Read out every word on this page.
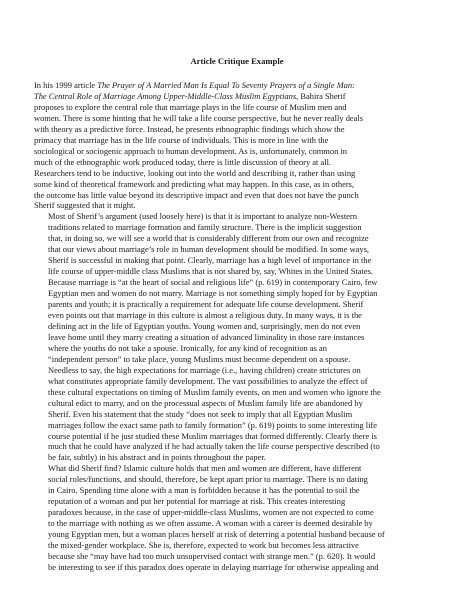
Article Critique Example
In his 1999 article The Prayer of A Married Man Is Equal To Seventy Prayers of a Single Man:
The Central Role of Marriage Among Upper-Middle-Class Muslim Egyptians, Bahira Sherif
proposes to explore the central role that marriage plays in the life course of Muslim men and
women. There is some hinting that he will take a life course perspective, but he never really deals
with theory as a predictive force. Instead, he presents ethnographic findings which show the
primacy that marriage has in the life course of individuals. This is more in line with the
sociological or sociogenic approach to human development. As is, unfortunately, common in
much of the ethnographic work produced today, there is little discussion of theory at all.
Researchers tend to be inductive, looking out into the world and describing it, rather than using
some kind of theoretical framework and predicting what may happen. In this case, as in others,
the outcome has little value beyond its descriptive impact and even that does not have the punch
Sherif suggested that it might.
Most of Sherif’s argument (used loosely here) is that it is important to analyze non-Western
traditions related to marriage formation and family structure. There is the implicit suggestion
that, in doing so, we will see a world that is considerably different from our own and recognize
that our views about marriage’s role in human development should be modified. In some ways,
Sherif is successful in making that point. Clearly, marriage has a high level of importance in the
life course of upper-middle class Muslims that is not shared by, say, Whites in the United States.
Because marriage is “at the heart of social and religious life” (p. 619) in contemporary Cairo, few
Egyptian men and women do not marry. Marriage is not something simply hoped for by Egyptian
parents and youth; it is practically a requirement for adequate life course development. Sherif
even points out that marriage in this culture is almost a religious duty. In many ways, it is the
defining act in the life of Egyptian youths. Young women and, surprisingly, men do not even
leave home until they marry creating a situation of advanced liminality in those rare instances
where the youths do not take a spouse. Ironically, for any kind of recognition as an
“independent person” to take place, young Muslims must become dependent on a spouse.
Needless to say, the high expectations for marriage (i.e., having children) create strictures on
what constitutes appropriate family development. The vast possibilities to analyze the effect of
these cultural expectations on timing of Muslim family events, on men and women who ignore the
cultural edict to marry, and on the processual aspects of Muslim family life are abandoned by
Sherif. Even his statement that the study “does not seek to imply that all Egyptian Muslim
marriages follow the exact same path to family formation” (p. 619) points to some interesting life
course potential if he just studied these Muslim marriages that formed differently. Clearly there is
much that he could have analyzed if he had actually taken the life course perspective described (to
be fair, subtly) in his abstract and in points throughout the paper.
What did Sherif find? Islamic culture holds that men and women are different, have different
social roles/functions, and should, therefore, be kept apart prior to marriage. There is no dating
in Cairo. Spending time alone with a man is forbidden because it has the potential to soil the
reputation of a woman and put her potential for marriage at risk. This creates interesting
paradoxes because, in the case of upper-middle-class Muslims, women are not expected to come
to the marriage with nothing as we often assume. A woman with a career is deemed desirable by
young Egyptian men, but a woman places herself at risk of deterring a potential husband because of
the mixed-gender workplace. She is, therefore, expected to work but becomes less attractive
because she “may have had too much unsupervised contact with strange men.” (p. 620). It would
be interesting to see if this paradox does operate in delaying marriage for otherwise appealing and
